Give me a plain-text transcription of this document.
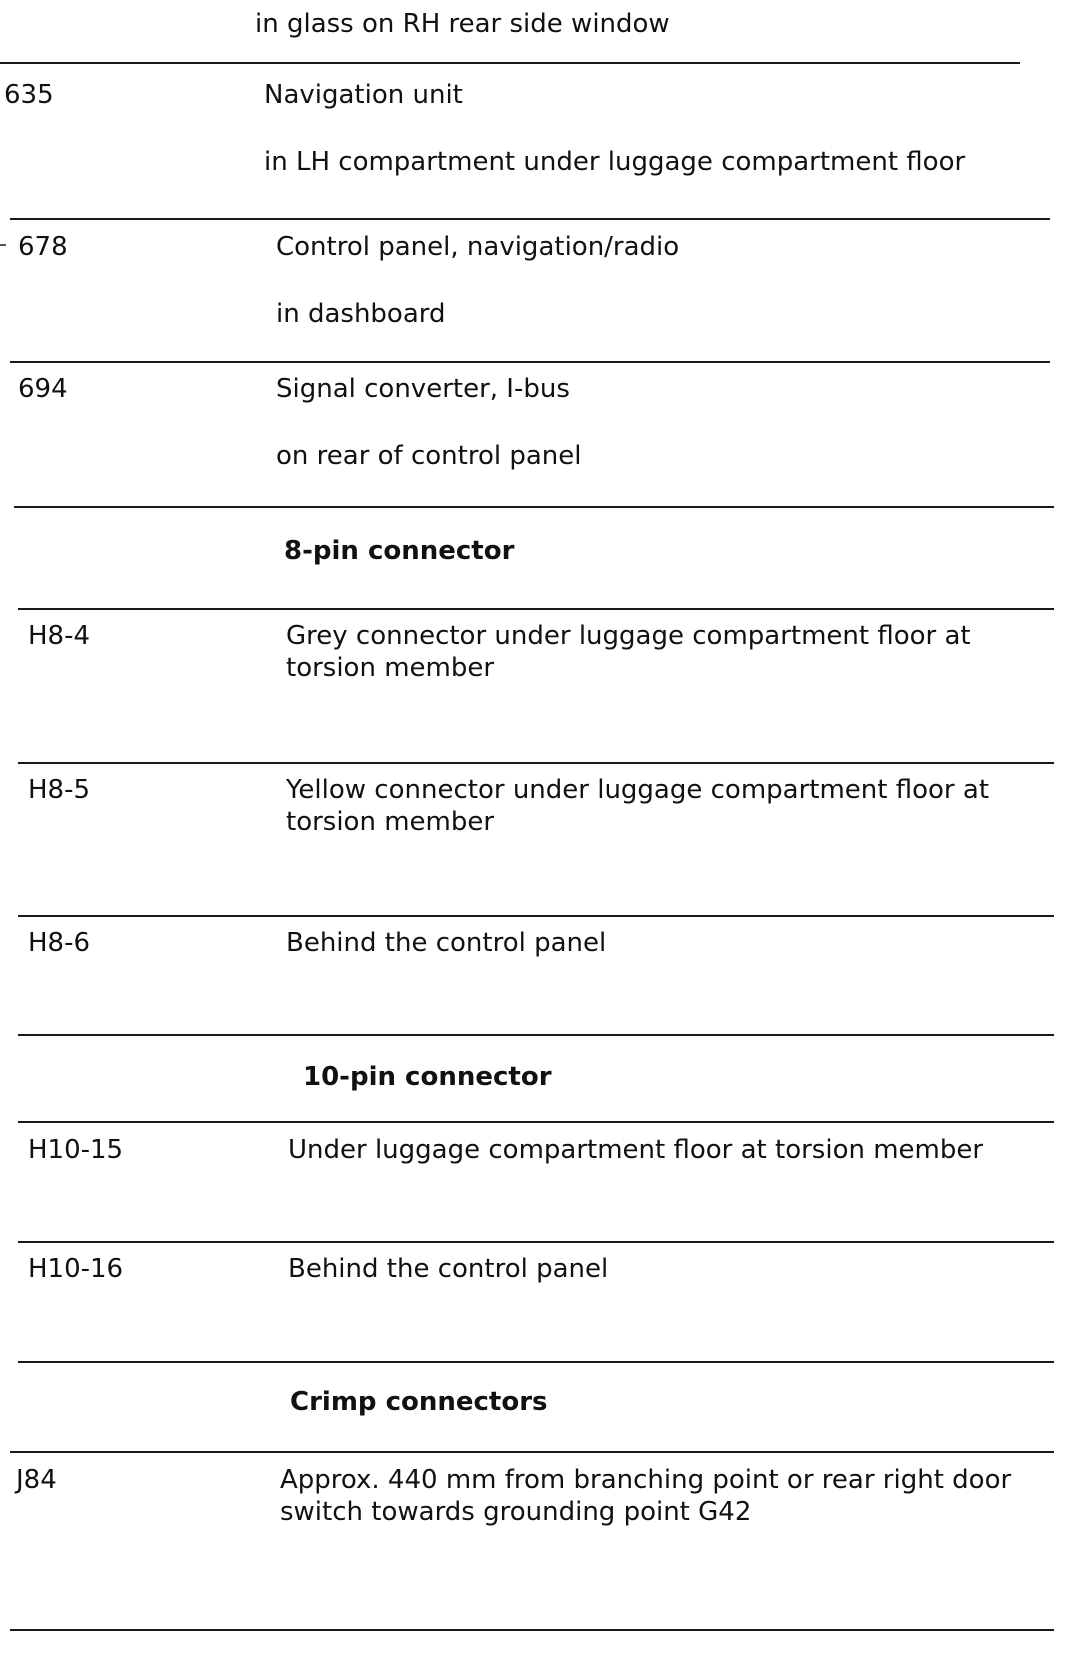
in glass on RH rear side window

635	Navigation unit

in LH compartment under luggage compartment floor

678	Control panel, navigation/radio

in dashboard

694	Signal converter, I-bus

on rear of control panel

8-pin connector

H8-4	Grey connector under luggage compartment floor at torsion member

H8-5	Yellow connector under luggage compartment floor at torsion member

H8-6	Behind the control panel

10-pin connector

H10-15	Under luggage compartment floor at torsion member

H10-16	Behind the control panel

Crimp connectors

J84	Approx. 440 mm from branching point or rear right door switch towards grounding point G42
